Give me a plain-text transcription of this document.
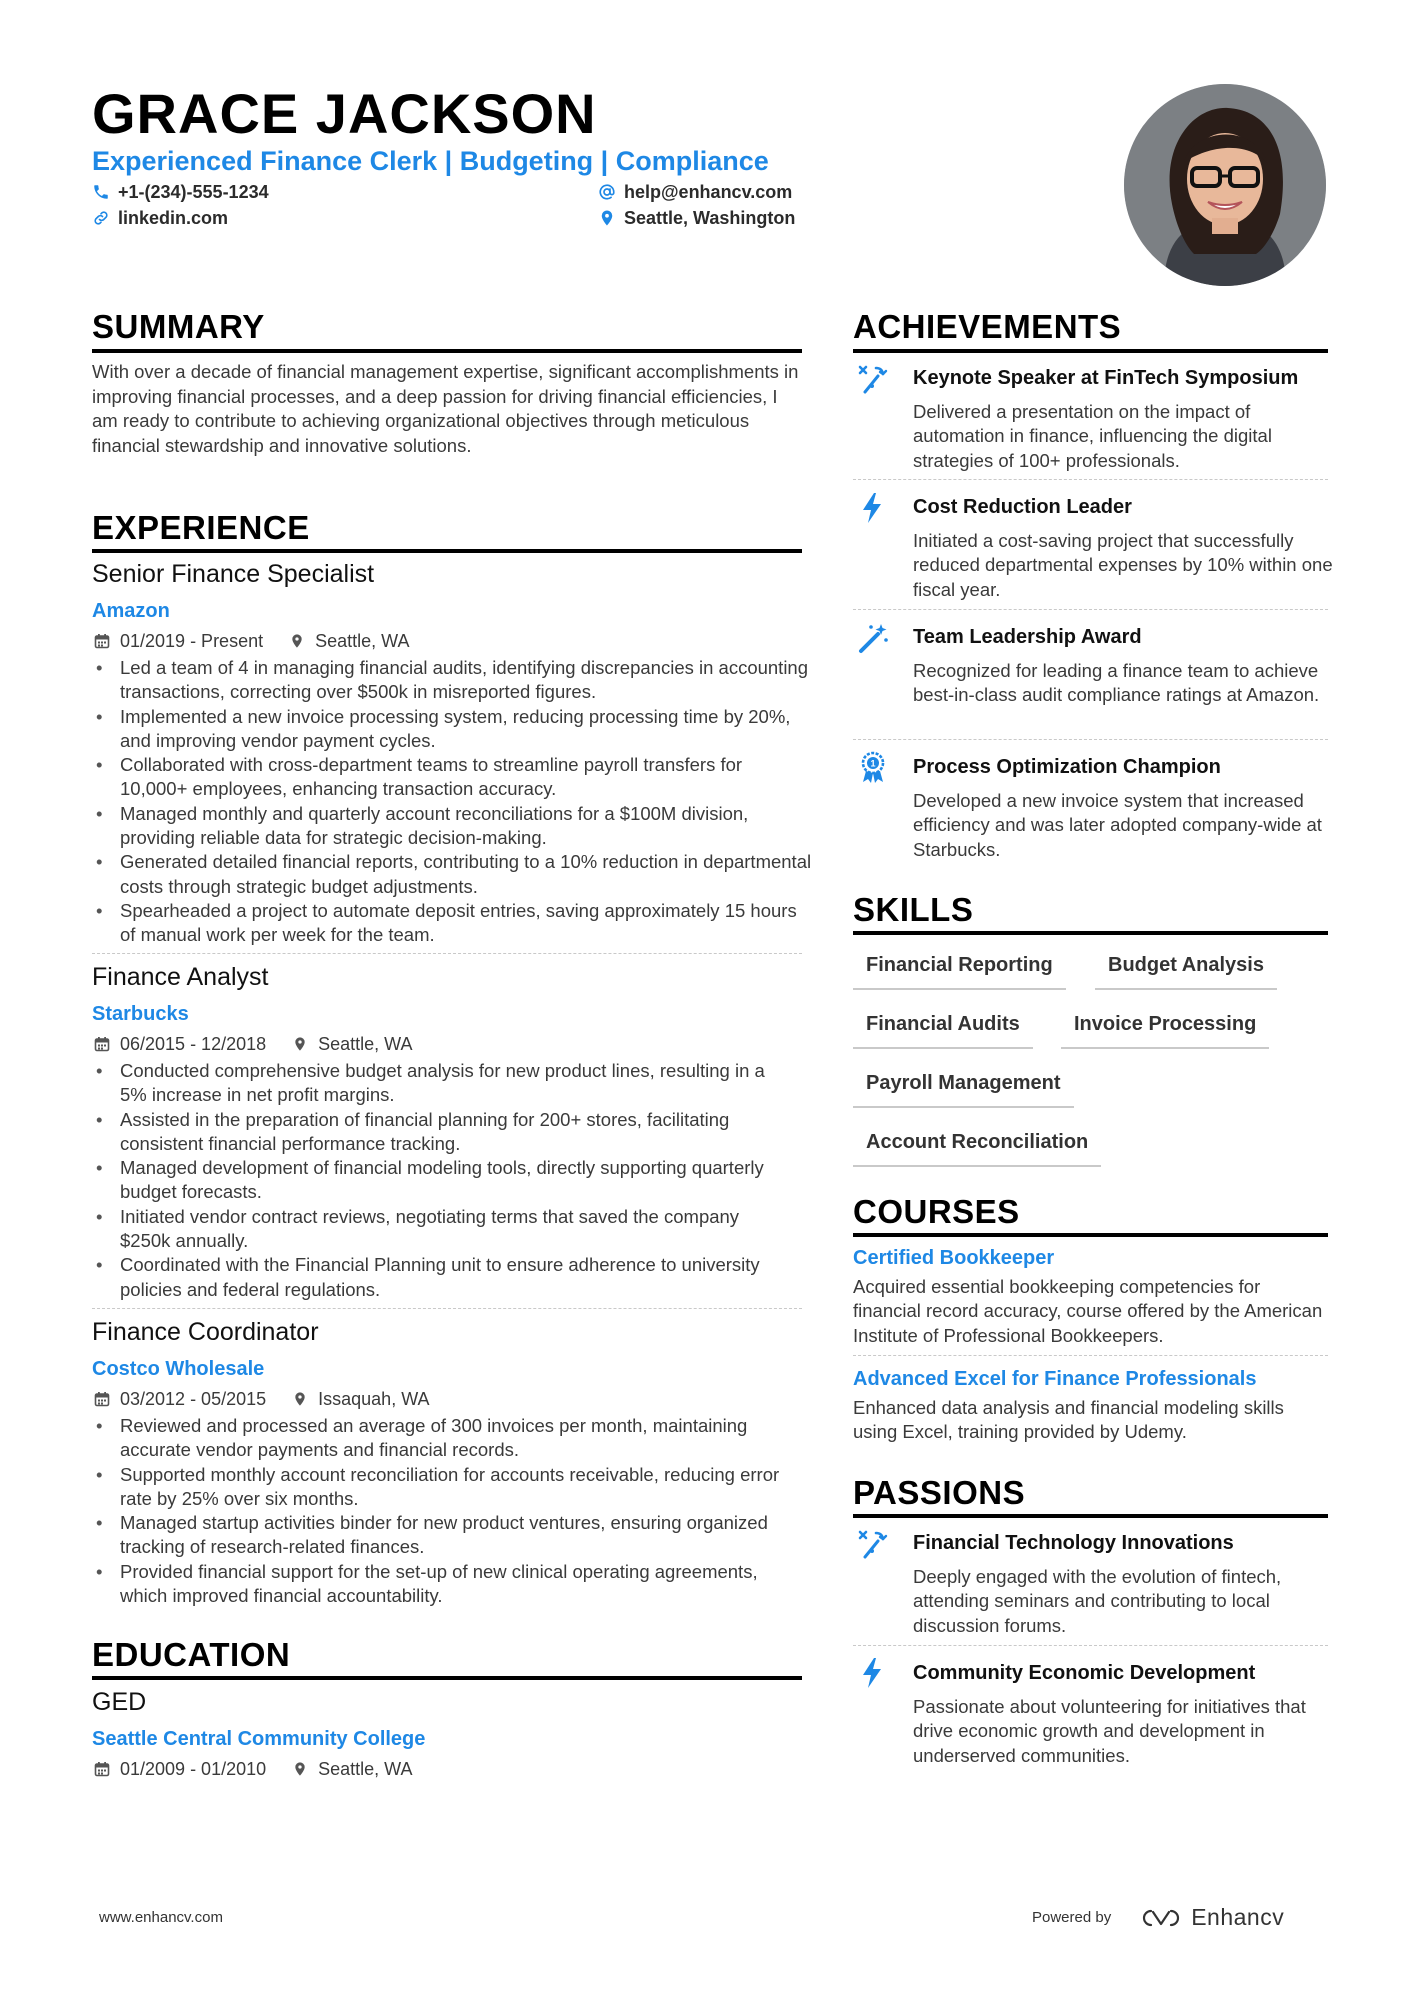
GRACE JACKSON
Experienced Finance Clerk | Budgeting | Compliance
+1-(234)-555-1234	help@enhancv.com
linkedin.com	Seattle, Washington
SUMMARY
With over a decade of financial management expertise, significant accomplishments in improving financial processes, and a deep passion for driving financial efficiencies, I am ready to contribute to achieving organizational objectives through meticulous financial stewardship and innovative solutions.
EXPERIENCE
Senior Finance Specialist
Amazon
01/2019 - Present	Seattle, WA
• Led a team of 4 in managing financial audits, identifying discrepancies in accounting transactions, correcting over $500k in misreported figures.
• Implemented a new invoice processing system, reducing processing time by 20%, and improving vendor payment cycles.
• Collaborated with cross-department teams to streamline payroll transfers for 10,000+ employees, enhancing transaction accuracy.
• Managed monthly and quarterly account reconciliations for a $100M division, providing reliable data for strategic decision-making.
• Generated detailed financial reports, contributing to a 10% reduction in departmental costs through strategic budget adjustments.
• Spearheaded a project to automate deposit entries, saving approximately 15 hours of manual work per week for the team.
Finance Analyst
Starbucks
06/2015 - 12/2018	Seattle, WA
• Conducted comprehensive budget analysis for new product lines, resulting in a 5% increase in net profit margins.
• Assisted in the preparation of financial planning for 200+ stores, facilitating consistent financial performance tracking.
• Managed development of financial modeling tools, directly supporting quarterly budget forecasts.
• Initiated vendor contract reviews, negotiating terms that saved the company $250k annually.
• Coordinated with the Financial Planning unit to ensure adherence to university policies and federal regulations.
Finance Coordinator
Costco Wholesale
03/2012 - 05/2015	Issaquah, WA
• Reviewed and processed an average of 300 invoices per month, maintaining accurate vendor payments and financial records.
• Supported monthly account reconciliation for accounts receivable, reducing error rate by 25% over six months.
• Managed startup activities binder for new product ventures, ensuring organized tracking of research-related finances.
• Provided financial support for the set-up of new clinical operating agreements, which improved financial accountability.
EDUCATION
GED
Seattle Central Community College
01/2009 - 01/2010	Seattle, WA
ACHIEVEMENTS
Keynote Speaker at FinTech Symposium
Delivered a presentation on the impact of automation in finance, influencing the digital strategies of 100+ professionals.
Cost Reduction Leader
Initiated a cost-saving project that successfully reduced departmental expenses by 10% within one fiscal year.
Team Leadership Award
Recognized for leading a finance team to achieve best-in-class audit compliance ratings at Amazon.
1 Process Optimization Champion
Developed a new invoice system that increased efficiency and was later adopted company-wide at Starbucks.
SKILLS
Financial Reporting	Budget Analysis
Financial Audits	Invoice Processing
Payroll Management
Account Reconciliation
COURSES
Certified Bookkeeper
Acquired essential bookkeeping competencies for financial record accuracy, course offered by the American Institute of Professional Bookkeepers.
Advanced Excel for Finance Professionals
Enhanced data analysis and financial modeling skills using Excel, training provided by Udemy.
PASSIONS
Financial Technology Innovations
Deeply engaged with the evolution of fintech, attending seminars and contributing to local discussion forums.
Community Economic Development
Passionate about volunteering for initiatives that drive economic growth and development in underserved communities.
www.enhancv.com	Powered by	Enhancv
